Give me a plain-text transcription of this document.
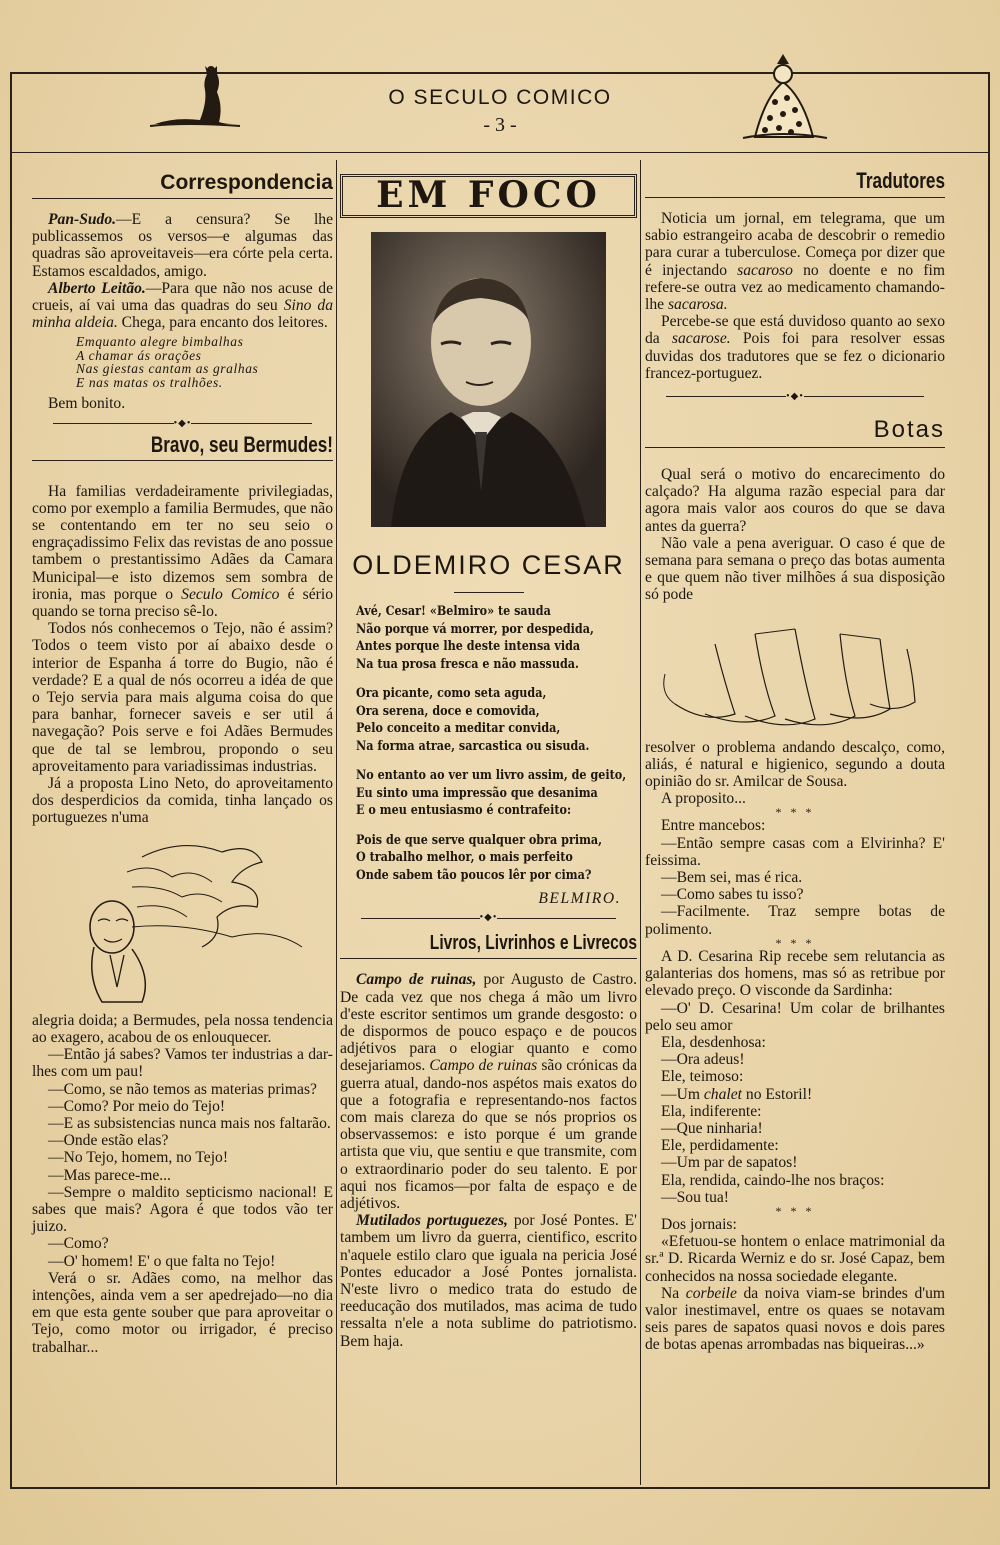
O SECULO COMICO
- 3 -
Correspondencia

Pan-Sudo.—E a censura? Se lhe publicassemos os versos—e algumas das quadras são aproveitaveis—era córte pela certa. Estamos escaldados, amigo.

Alberto Leitão.—Para que não nos acuse de crueis, aí vai uma das quadras do seu Sino da minha aldeia. Chega, para encanto dos leitores.

Emquanto alegre bimbalhas
A chamar ás orações
Nas giestas cantam as gralhas
E nas matas os tralhões.

Bem bonito.

•◆•
Bravo, seu Bermudes!

Ha familias verdadeiramente privilegiadas, como por exemplo a familia Bermudes, que não se contentando em ter no seu seio o engraçadissimo Felix das revistas de ano possue tambem o prestantissimo Adães da Camara Municipal—e isto dizemos sem sombra de ironia, mas porque o Seculo Comico é sério quando se torna preciso sê-lo.

Todos nós conhecemos o Tejo, não é assim? Todos o teem visto por aí abaixo desde o interior de Espanha á torre do Bugio, não é verdade? E a qual de nós ocorreu a idéa de que o Tejo servia para mais alguma coisa do que para banhar, fornecer saveis e ser util á navegação? Pois serve e foi Adães Bermudes que de tal se lembrou, propondo o seu aproveitamento para variadissimas industrias.

Já a proposta Lino Neto, do aproveitamento dos desperdicios da comida, tinha lançado os portuguezes n'uma

alegria doida; a Bermudes, pela nossa tendencia ao exagero, acabou de os enlouquecer.

—Então já sabes? Vamos ter industrias a dar-lhes com um pau!

—Como, se não temos as materias primas?

—Como? Por meio do Tejo!

—E as subsistencias nunca mais nos faltarão.

—Onde estão elas?

—No Tejo, homem, no Tejo!

—Mas parece-me...

—Sempre o maldito septicismo nacional! E sabes que mais? Agora é que todos vão ter juizo.

—Como?

—O' homem! E' o que falta no Tejo!

Verá o sr. Adães como, na melhor das intenções, ainda vem a ser apedrejado—no dia em que esta gente souber que para aproveitar o Tejo, como motor ou irrigador, é preciso trabalhar...

EM FOCO
OLDEMIRO CESAR
Avé, Cesar! «Belmiro» te sauda
Não porque vá morrer, por despedida,
Antes porque lhe deste intensa vida
Na tua prosa fresca e não massuda.
Ora picante, como seta aguda,
Ora serena, doce e comovida,
Pelo conceito a meditar convida,
Na forma atrae, sarcastica ou sisuda.
No entanto ao ver um livro assim, de geito,
Eu sinto uma impressão que desanima
E o meu entusiasmo é contrafeito:
Pois de que serve qualquer obra prima,
O trabalho melhor, o mais perfeito
Onde sabem tão poucos lêr por cima?
BELMIRO.
•◆•
Livros, Livrinhos e Livrecos

Campo de ruinas, por Augusto de Castro. De cada vez que nos chega á mão um livro d'este escritor sentimos um grande desgosto: o de dispormos de pouco espaço e de poucos adjétivos para o elogiar quanto e como desejariamos. Campo de ruinas são crónicas da guerra atual, dando-nos aspétos mais exatos do que a fotografia e representando-nos factos com mais clareza do que se nós proprios os observassemos: e isto porque é um grande artista que viu, que sentiu e que transmite, com o extraordinario poder do seu talento. E por aqui nos ficamos—por falta de espaço e de adjétivos.

Mutilados portuguezes, por José Pontes. E' tambem um livro da guerra, cientifico, escrito n'aquele estilo claro que iguala na pericia José Pontes educador a José Pontes jornalista. N'este livro o medico trata do estudo de reeducação dos mutilados, mas acima de tudo ressalta n'ele a nota sublime do patriotismo. Bem haja.

Tradutores

Noticia um jornal, em telegrama, que um sabio estrangeiro acaba de descobrir o remedio para curar a tuberculose. Começa por dizer que é injectando sacaroso no doente e no fim refere-se outra vez ao medicamento chamando-lhe sacarosa.

Percebe-se que está duvidoso quanto ao sexo da sacarose. Pois foi para resolver essas duvidas dos tradutores que se fez o dicionario francez-portuguez.

•◆•
Botas

Qual será o motivo do encarecimento do calçado? Ha alguma razão especial para dar agora mais valor aos couros do que se dava antes da guerra?

Não vale a pena averiguar. O caso é que de semana para semana o preço das botas aumenta e que quem não tiver milhões á sua disposição só pode

resolver o problema andando descalço, como, aliás, é natural e higienico, segundo a douta opinião do sr. Amilcar de Sousa.

A proposito...

* * *

Entre mancebos:

—Então sempre casas com a Elvirinha? E' feissima.

—Bem sei, mas é rica.

—Como sabes tu isso?

—Facilmente. Traz sempre botas de polimento.

* * *

A D. Cesarina Rip recebe sem relutancia as galanterias dos homens, mas só as retribue por elevado preço. O visconde da Sardinha:

—O' D. Cesarina! Um colar de brilhantes pelo seu amor

Ela, desdenhosa:

—Ora adeus!

Ele, teimoso:

—Um chalet no Estoril!

Ela, indiferente:

—Que ninharia!

Ele, perdidamente:

—Um par de sapatos!

Ela, rendida, caindo-lhe nos braços:

—Sou tua!

* * *

Dos jornais:

«Efetuou-se hontem o enlace matrimonial da sr.ª D. Ricarda Werniz e do sr. José Capaz, bem conhecidos na nossa sociedade elegante.

Na corbeile da noiva viam-se brindes d'um valor inestimavel, entre os quaes se notavam seis pares de sapatos quasi novos e dois pares de botas apenas arrombadas nas biqueiras...»
